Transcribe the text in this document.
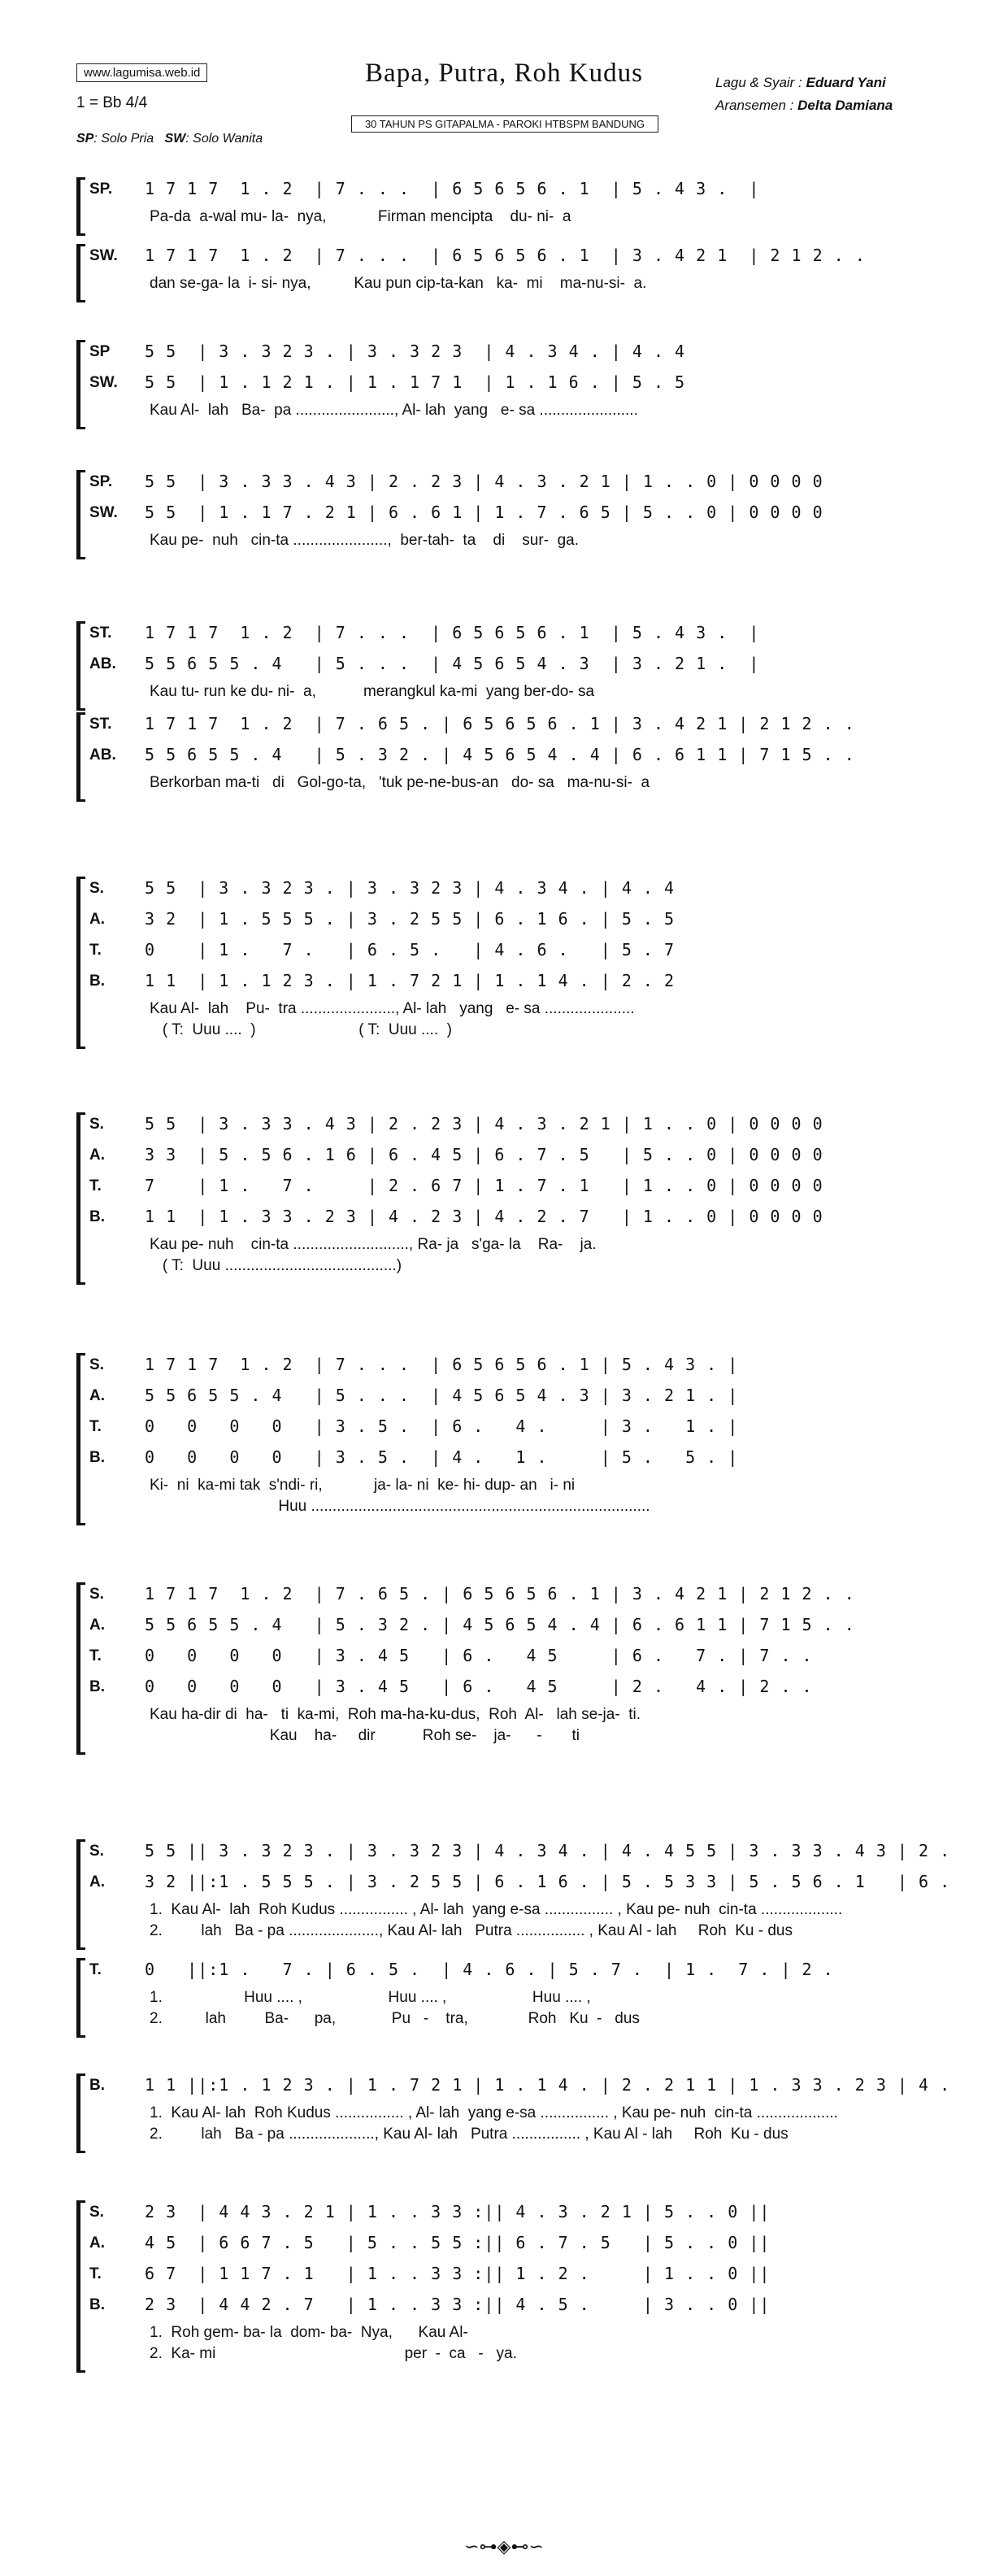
www.lagumisa.web.id	Bapa, Putra, Roh Kudus
30 TAHUN PS GITAPALMA - PAROKI HTBSPM BANDUNG
Lagu & Syair : Eduard Yani
Aransemen : Delta Damiana
1 = Bb 4/4
SP: Solo Pria SW: Solo Wanita
SP. 1 7 1 7  1 . 2  | 7 . . .  | 6 5 6 5 6 . 1  | 5 . 4 3 .  |
Pa-da  a-wal mu- la-  nya,            Firman mencipta    du- ni-  a
SW. 1 7 1 7  1 . 2  | 7 . . .  | 6 5 6 5 6 . 1  | 3 . 4 2 1  | 2 1 2 . .
dan se-ga- la  i- si- nya,          Kau pun cip-ta-kan   ka-  mi    ma-nu-si-  a.
SP 5 5  | 3 . 3 2 3 . | 3 . 3 2 3  | 4 . 3 4 . | 4 . 4
SW. 5 5  | 1 . 1 2 1 . | 1 . 1 7 1  | 1 . 1 6 . | 5 . 5
Kau Al-  lah   Ba-  pa ......................., Al- lah  yang   e- sa .......................
SP. 5 5  | 3 . 3 3 . 4 3 | 2 . 2 3 | 4 . 3 . 2 1 | 1 . . 0 | 0 0 0 0
SW. 5 5  | 1 . 1 7 . 2 1 | 6 . 6 1 | 1 . 7 . 6 5 | 5 . . 0 | 0 0 0 0
Kau pe-  nuh   cin-ta ......................,  ber-tah-  ta    di    sur-  ga.
ST. 1 7 1 7  1 . 2  | 7 . . .  | 6 5 6 5 6 . 1  | 5 . 4 3 .  |
AB. 5 5 6 5 5 . 4   | 5 . . .  | 4 5 6 5 4 . 3  | 3 . 2 1 .  |
Kau tu- run ke du- ni-  a,           merangkul ka-mi  yang ber-do- sa
ST. 1 7 1 7  1 . 2  | 7 . 6 5 . | 6 5 6 5 6 . 1 | 3 . 4 2 1 | 2 1 2 . .
AB. 5 5 6 5 5 . 4   | 5 . 3 2 . | 4 5 6 5 4 . 4 | 6 . 6 1 1 | 7 1 5 . .
Berkorban ma-ti   di   Gol-go-ta,   'tuk pe-ne-bus-an   do- sa   ma-nu-si-  a
S.	5 5  | 3 . 3 2 3 . | 3 . 3 2 3 | 4 . 3 4 . | 4 . 4
A. 3 2  | 1 . 5 5 5 . | 3 . 2 5 5 | 6 . 1 6 . | 5 . 5
T.	0    | 1 .   7 .   | 6 . 5 .   | 4 . 6 .   | 5 . 7
B. 1 1  | 1 . 1 2 3 . | 1 . 7 2 1 | 1 . 1 4 . | 2 . 2
Kau Al-  lah    Pu-  tra ......................, Al- lah   yang   e- sa .....................
( T:  Uuu ....  )                        ( T:  Uuu ....  )
S.	5 5  | 3 . 3 3 . 4 3 | 2 . 2 3 | 4 . 3 . 2 1 | 1 . . 0 | 0 0 0 0
A. 3 3  | 5 . 5 6 . 1 6 | 6 . 4 5 | 6 . 7 . 5   | 5 . . 0 | 0 0 0 0
T.	7    | 1 .   7 .     | 2 . 6 7 | 1 . 7 . 1   | 1 . . 0 | 0 0 0 0
B. 1 1  | 1 . 3 3 . 2 3 | 4 . 2 3 | 4 . 2 . 7   | 1 . . 0 | 0 0 0 0
Kau pe- nuh    cin-ta ..........................., Ra- ja   s'ga- la    Ra-    ja.
( T:  Uuu ........................................)
S.	1 7 1 7  1 . 2  | 7 . . .  | 6 5 6 5 6 . 1 | 5 . 4 3 . |
A. 5 5 6 5 5 . 4   | 5 . . .  | 4 5 6 5 4 . 3 | 3 . 2 1 . |
T.	0   0   0   0   | 3 . 5 .  | 6 .   4 .     | 3 .   1 . |
B. 0   0   0   0   | 3 . 5 .  | 4 .   1 .     | 5 .   5 . |
Ki-  ni  ka-mi tak  s'ndi- ri,            ja- la- ni  ke- hi- dup- an   i- ni
Huu ...............................................................................
S.	1 7 1 7  1 . 2  | 7 . 6 5 . | 6 5 6 5 6 . 1 | 3 . 4 2 1 | 2 1 2 . .
A. 5 5 6 5 5 . 4   | 5 . 3 2 . | 4 5 6 5 4 . 4 | 6 . 6 1 1 | 7 1 5 . .
T.	0   0   0   0   | 3 . 4 5   | 6 .   4 5     | 6 .   7 . | 7 . .
B. 0   0   0   0   | 3 . 4 5   | 6 .   4 5     | 2 .   4 . | 2 . .
Kau ha-dir di  ha-   ti  ka-mi,  Roh ma-ha-ku-dus,  Roh  Al-   lah se-ja-  ti.
Kau    ha-     dir           Roh se-    ja-      -       ti
S.	5 5 || 3 . 3 2 3 . | 3 . 3 2 3 | 4 . 3 4 . | 4 . 4 5 5 | 3 . 3 3 . 4 3 | 2 .
A. 3 2 ||:1 . 5 5 5 . | 3 . 2 5 5 | 6 . 1 6 . | 5 . 5 3 3 | 5 . 5 6 . 1   | 6 .
1.  Kau Al-  lah  Roh Kudus ................ , Al- lah  yang e-sa ................ , Kau pe- nuh  cin-ta ...................
2.         lah   Ba - pa ....................., Kau Al- lah   Putra ................ , Kau Al - lah     Roh  Ku - dus
T.	0   ||:1 .   7 . | 6 . 5 .  | 4 . 6 . | 5 . 7 .  | 1 .  7 . | 2 .
1.                   Huu .... ,                    Huu .... ,                    Huu .... ,
2.          lah         Ba-      pa,             Pu   -    tra,              Roh   Ku  -   dus
B. 1 1 ||:1 . 1 2 3 . | 1 . 7 2 1 | 1 . 1 4 . | 2 . 2 1 1 | 1 . 3 3 . 2 3 | 4 .
1.  Kau Al- lah  Roh Kudus ................ , Al- lah  yang e-sa ................ , Kau pe- nuh  cin-ta ...................
2.         lah   Ba - pa ...................., Kau Al- lah   Putra ................ , Kau Al - lah     Roh  Ku - dus
S.	2 3  | 4 4 3 . 2 1 | 1 . . 3 3 :|| 4 . 3 . 2 1 | 5 . . 0 ||
A. 4 5  | 6 6 7 . 5   | 5 . . 5 5 :|| 6 . 7 . 5   | 5 . . 0 ||
T.	6 7  | 1 1 7 . 1   | 1 . . 3 3 :|| 1 . 2 .     | 1 . . 0 ||
B. 2 3  | 4 4 2 . 7   | 1 . . 3 3 :|| 4 . 5 .     | 3 . . 0 ||
1.  Roh gem- ba- la  dom- ba-  Nya,      Kau Al-
2.  Ka- mi                                            per  -  ca   -   ya.
∽⊶◈⊷∽
